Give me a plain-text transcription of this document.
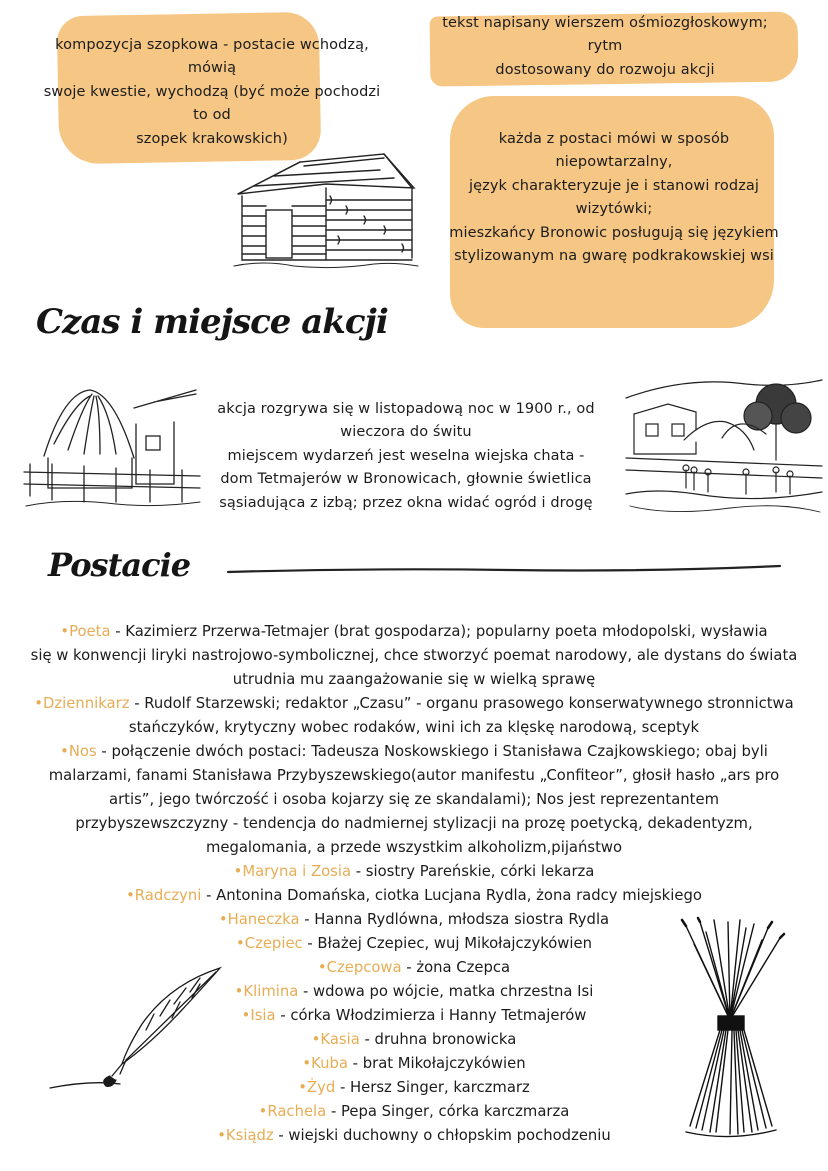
kompozycja szopkowa - postacie wchodzą,
mówią
swoje kwestie, wychodzą (być może pochodzi
to od
szopek krakowskich)
tekst napisany wierszem ośmiozgłoskowym;
rytm
dostosowany do rozwoju akcji
każda z postaci mówi w sposób
niepowtarzalny,
język charakteryzuje je i stanowi rodzaj
wizytówki;
mieszkańcy Bronowic posługują się językiem
stylizowanym na gwarę podkrakowskiej wsi
Czas i miejsce akcji
akcja rozgrywa się w listopadową noc w 1900 r., od
wieczora do świtu
miejscem wydarzeń jest weselna wiejska chata -
dom Tetmajerów w Bronowicach, głownie świetlica
sąsiadująca z izbą; przez okna widać ogród i drogę
Postacie
•Poeta - Kazimierz Przerwa-Tetmajer (brat gospodarza); popularny poeta młodopolski, wysławia
się w konwencji liryki nastrojowo-symbolicznej, chce stworzyć poemat narodowy, ale dystans do świata
utrudnia mu zaangażowanie się w wielką sprawę
•Dziennikarz - Rudolf Starzewski; redaktor „Czasu” - organu prasowego konserwatywnego stronnictwa
stańczyków, krytyczny wobec rodaków, wini ich za klęskę narodową, sceptyk
•Nos - połączenie dwóch postaci: Tadeusza Noskowskiego i Stanisława Czajkowskiego; obaj byli
malarzami, fanami Stanisława Przybyszewskiego(autor manifestu „Confiteor”, głosił hasło „ars pro
artis”, jego twórczość i osoba kojarzy się ze skandalami); Nos jest reprezentantem
przybyszewszczyzny - tendencja do nadmiernej stylizacji na prozę poetycką, dekadentyzm,
megalomania, a przede wszystkim alkoholizm,pijaństwo
•Maryna i Zosia - siostry Pareńskie, córki lekarza
•Radczyni - Antonina Domańska, ciotka Lucjana Rydla, żona radcy miejskiego
•Haneczka - Hanna Rydlówna, młodsza siostra Rydla
•Czepiec - Błażej Czepiec, wuj Mikołajczykówien
•Czepcowa - żona Czepca
•Klimina - wdowa po wójcie, matka chrzestna Isi
•Isia - córka Włodzimierza i Hanny Tetmajerów
•Kasia - druhna bronowicka
•Kuba - brat Mikołajczykówien
•Żyd - Hersz Singer, karczmarz
•Rachela - Pepa Singer, córka karczmarza
•Ksiądz - wiejski duchowny o chłopskim pochodzeniu
